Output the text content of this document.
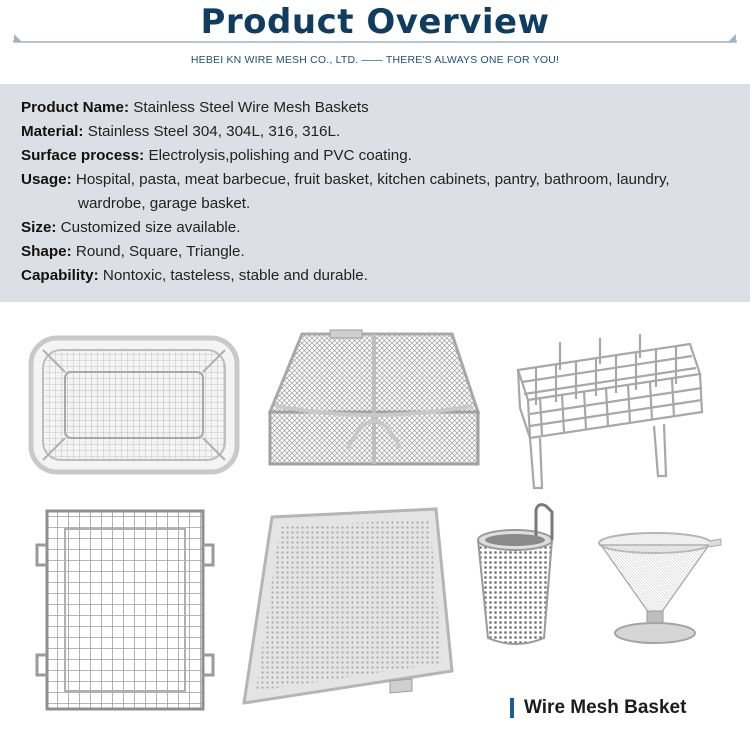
Product Overview
HEBEI KN WIRE MESH CO., LTD. —— THERE'S ALWAYS ONE FOR YOU!
Product Name: Stainless Steel Wire Mesh Baskets
Material: Stainless Steel 304, 304L, 316, 316L.
Surface process: Electrolysis,polishing and PVC coating.
Usage: Hospital, pasta, meat barbecue, fruit basket, kitchen cabinets, pantry, bathroom, laundry,
wardrobe, garage basket.
Size: Customized size available.
Shape: Round, Square, Triangle.
Capability: Nontoxic, tasteless, stable and durable.
Wire Mesh Basket
